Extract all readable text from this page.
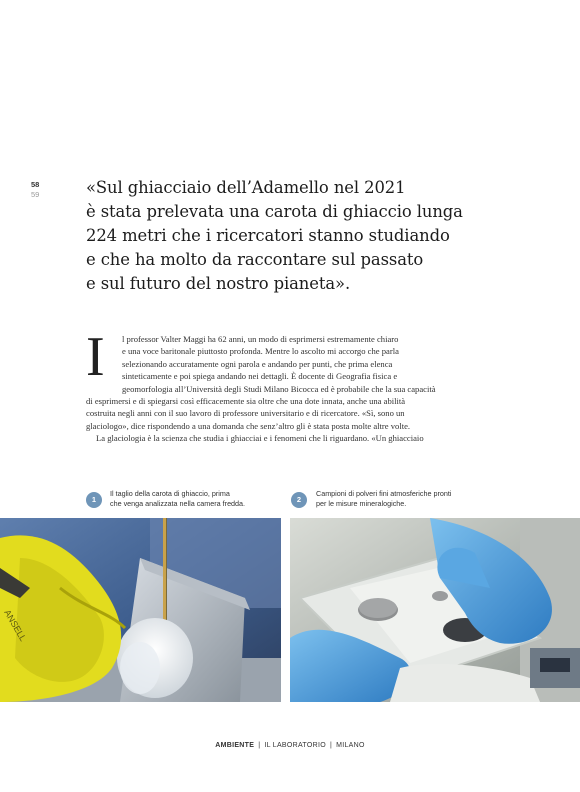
58
59	«Sul ghiacciaio dell’Adamello nel 2021
è stata prelevata una carota di ghiaccio lunga
224 metri che i ricercatori stanno studiando
e che ha molto da raccontare sul passato
e sul futuro del nostro pianeta».
I	l professor Valter Maggi ha 62 anni, un modo di esprimersi estremamente chiaro
e una voce baritonale piuttosto profonda. Mentre lo ascolto mi accorgo che parla
selezionando accuratamente ogni parola e andando per punti, che prima elenca
sinteticamente e poi spiega andando nei dettagli. È docente di Geografia fisica e
geomorfologia all’Università degli Studi Milano Bicocca ed è probabile che la sua capacità
di esprimersi e di spiegarsi così efficacemente sia oltre che una dote innata, anche una abilità
costruita negli anni con il suo lavoro di professore universitario e di ricercatore. «Sì, sono un
glaciologo», dice rispondendo a una domanda che senz’altro gli è stata posta molte altre volte.
La glaciologia è la scienza che studia i ghiacciai e i fenomeni che li riguardano. «Un ghiacciaio
1
Il taglio della carota di ghiaccio, prima
che venga analizzata nella camera fredda.	2
Campioni di polveri fini atmosferiche pronti
per le misure mineralogiche.
ANSELL
AMBIENTE | IL LABORATORIO | MILANO
